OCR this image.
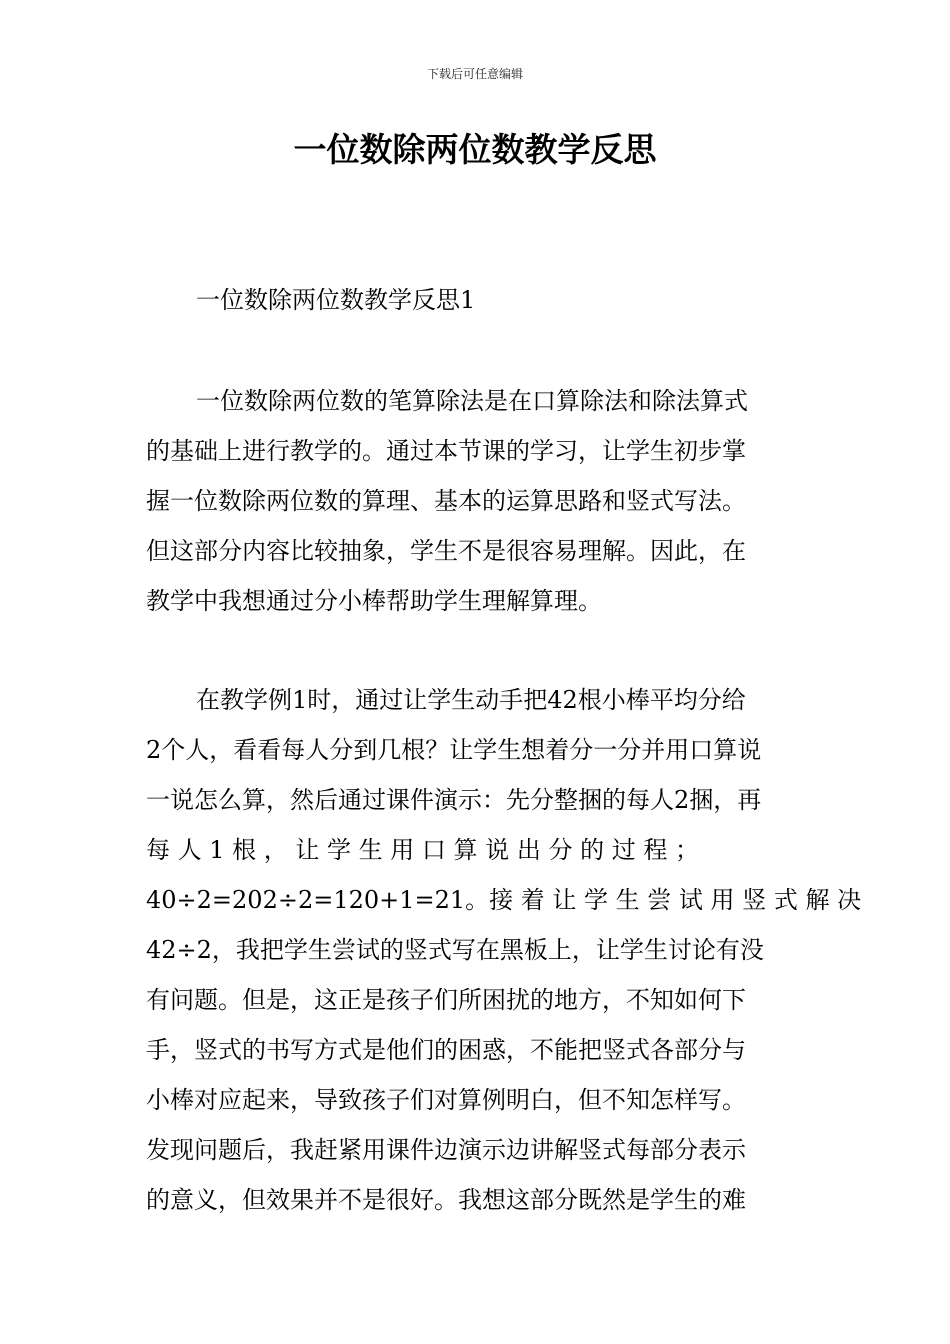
下载后可任意编辑
一位数除两位数教学反思
一位数除两位数教学反思1
一位数除两位数的笔算除法是在口算除法和除法算式
的基础上进行教学的。通过本节课的学习，让学生初步掌
握一位数除两位数的算理、基本的运算思路和竖式写法。
但这部分内容比较抽象，学生不是很容易理解。因此，在
教学中我想通过分小棒帮助学生理解算理。
在教学例1时，通过让学生动手把42根小棒平均分给
2个人，看看每人分到几根？让学生想着分一分并用口算说
一说怎么算，然后通过课件演示：先分整捆的每人2捆，再
每 人 1 根 ， 让 学 生 用 口 算 说 出 分 的 过 程 ；
40÷2=202÷2=120+1=21。接 着 让 学 生 尝 试 用 竖 式 解 决
42÷2，我把学生尝试的竖式写在黑板上，让学生讨论有没
有问题。但是，这正是孩子们所困扰的地方，不知如何下
手，竖式的书写方式是他们的困惑，不能把竖式各部分与
小棒对应起来，导致孩子们对算例明白，但不知怎样写。
发现问题后，我赶紧用课件边演示边讲解竖式每部分表示
的意义，但效果并不是很好。我想这部分既然是学生的难
